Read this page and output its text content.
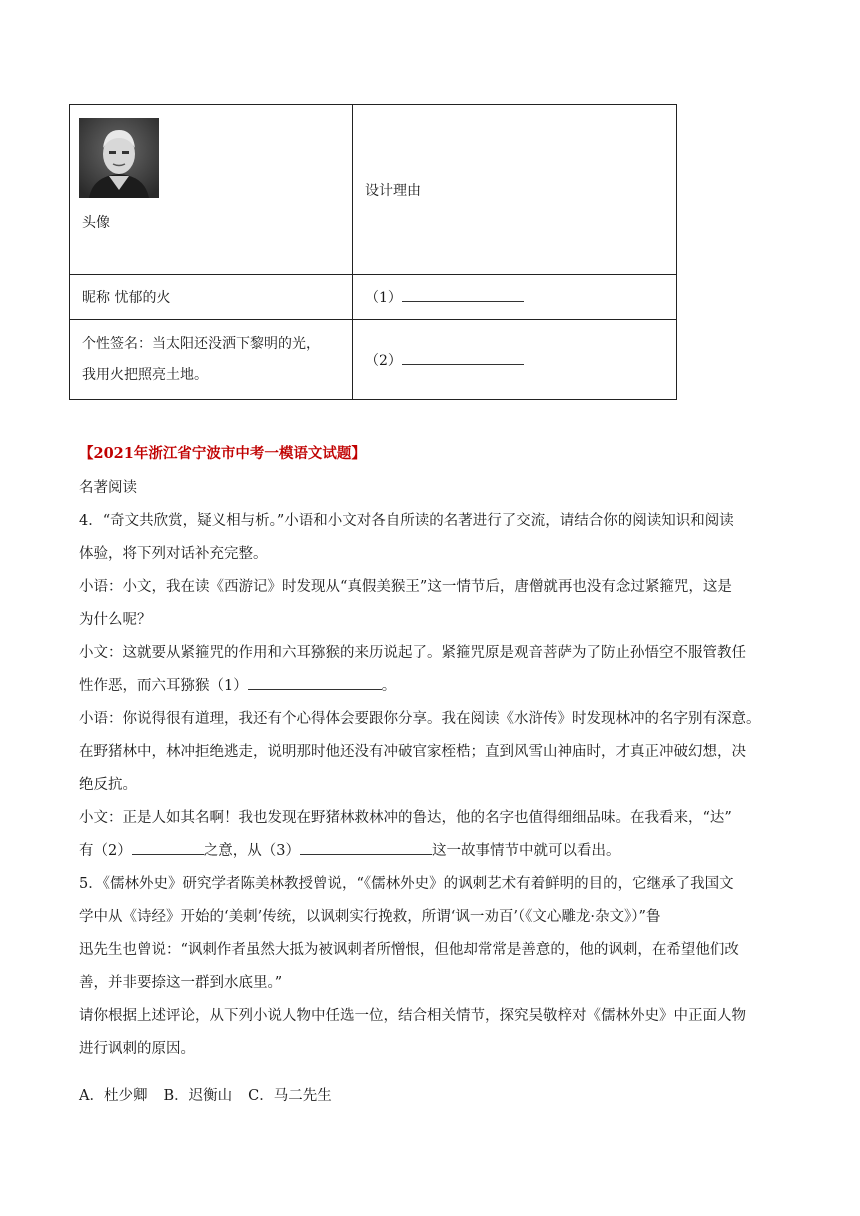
头像	设计理由
昵称 忧郁的火	（1）

个性签名：当太阳还没洒下黎明的光，
我用火把照亮土地。	（2）
【2021年浙江省宁波市中考一模语文试题】
名著阅读
4．“奇文共欣赏，疑义相与析。”小语和小文对各自所读的名著进行了交流，请结合你的阅读知识和阅读
体验，将下列对话补充完整。
小语：小文，我在读《西游记》时发现从“真假美猴王”这一情节后，唐僧就再也没有念过紧箍咒，这是
为什么呢？
小文：这就要从紧箍咒的作用和六耳猕猴的来历说起了。紧箍咒原是观音菩萨为了防止孙悟空不服管教任
性作恶，而六耳猕猴（1）	。
小语：你说得很有道理，我还有个心得体会要跟你分享。我在阅读《水浒传》时发现林冲的名字别有深意。
在野猪林中，林冲拒绝逃走，说明那时他还没有冲破官家桎梏；直到风雪山神庙时，才真正冲破幻想，决
绝反抗。
小文：正是人如其名啊！我也发现在野猪林救林冲的鲁达，他的名字也值得细细品味。在我看来，“达”
有（2）	之意，从（3）	这一故事情节中就可以看出。
5．《儒林外史》研究学者陈美林教授曾说，“《儒林外史》的讽刺艺术有着鲜明的目的，它继承了我国文
学中从《诗经》开始的‘美刺’传统，以讽刺实行挽救，所谓‘讽一劝百’（《文心雕龙·杂文》）”鲁
迅先生也曾说：“讽刺作者虽然大抵为被讽刺者所憎恨，但他却常常是善意的，他的讽刺，在希望他们改
善，并非要捺这一群到水底里。”
请你根据上述评论，从下列小说人物中任选一位，结合相关情节，探究吴敬梓对《儒林外史》中正面人物
进行讽刺的原因。
A．杜少卿 B．迟衡山 C．马二先生
